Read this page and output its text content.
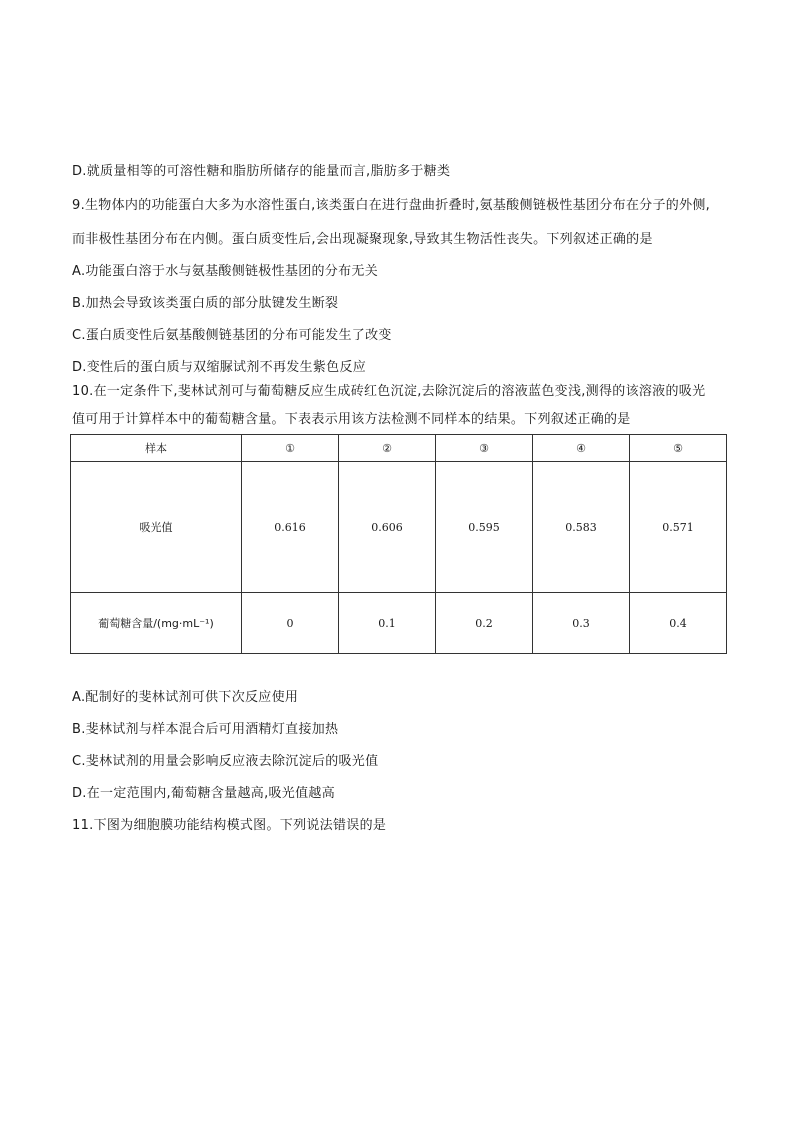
D.就质量相等的可溶性糖和脂肪所储存的能量而言,脂肪多于糖类
9.生物体内的功能蛋白大多为水溶性蛋白,该类蛋白在进行盘曲折叠时,氨基酸侧链极性基团分布在分子的外侧,
而非极性基团分布在内侧。蛋白质变性后,会出现凝聚现象,导致其生物活性丧失。下列叙述正确的是
A.功能蛋白溶于水与氨基酸侧链极性基团的分布无关
B.加热会导致该类蛋白质的部分肽键发生断裂
C.蛋白质变性后氨基酸侧链基团的分布可能发生了改变
D.变性后的蛋白质与双缩脲试剂不再发生紫色反应
10.在一定条件下,斐林试剂可与葡萄糖反应生成砖红色沉淀,去除沉淀后的溶液蓝色变浅,测得的该溶液的吸光
值可用于计算样本中的葡萄糖含量。下表表示用该方法检测不同样本的结果。下列叙述正确的是
样本	①	②	③	④	⑤
吸光值	0.616	0.606	0.595	0.583	0.571
葡萄糖含量/(mg·mL⁻¹)	0	0.1	0.2	0.3	0.4
A.配制好的斐林试剂可供下次反应使用
B.斐林试剂与样本混合后可用酒精灯直接加热
C.斐林试剂的用量会影响反应液去除沉淀后的吸光值
D.在一定范围内,葡萄糖含量越高,吸光值越高
11.下图为细胞膜功能结构模式图。下列说法错误的是
